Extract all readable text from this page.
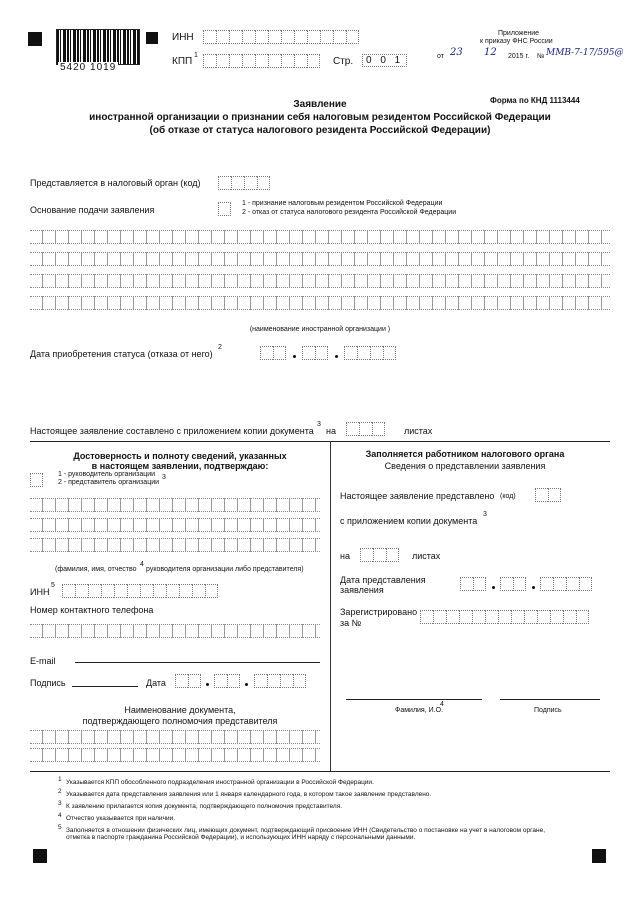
5420 1019
ИНН
КПП
1
Стр.	0 0 1
Приложение
к приказу ФНС России
от 23 12 2015 г. № ММВ-7-17/595@
Форма по КНД 1113444
Заявление
иностранной организации о признании себя налоговым резидентом Российской Федерации
(об отказе от статуса налогового резидента Российской Федерации)
Представляется в налоговый орган (код)
Основание подачи заявления
1 - признание налоговым резидентом Российской Федерации
2 - отказ от статуса налогового резидента Российской Федерации
(наименование иностранной организации )
Дата приобретения статуса (отказа от него)
2
Настоящее заявление составлено с приложением копии документа
3
на	листах
Достоверность и полноту сведений, указанных
в настоящем заявлении, подтверждаю:
1 - руководитель организации 3
2 - представитель организации
(фамилия, имя, отчество
4
руководителя организации либо представителя)
ИНН
5
Номер контактного телефона
E-mail
Подпись	Дата
Наименование документа,
подтверждающего полномочия представителя
Заполняется работником налогового органа
Сведения о представлении заявления
Настоящее заявление представлено (код)
с приложением копии документа
3
на	листах
Дата представления
заявления
Зарегистрировано
за №
Фамилия, И.О.
4
Подпись
1 Указывается КПП обособленного подразделения иностранной организации в Российской Федерации.
2 Указывается дата представления заявления или 1 января календарного года, в котором такое заявление представлено.
3 К заявлению прилагается копия документа, подтверждающего полномочия представителя.
4 Отчество указывается при наличии.
5 Заполняется в отношении физических лиц, имеющих документ, подтверждающий присвоение ИНН (Свидетельство о постановке на учет в налоговом органе,
отметка в паспорте гражданина Российской Федерации), и использующих ИНН наряду с персональными данными.
